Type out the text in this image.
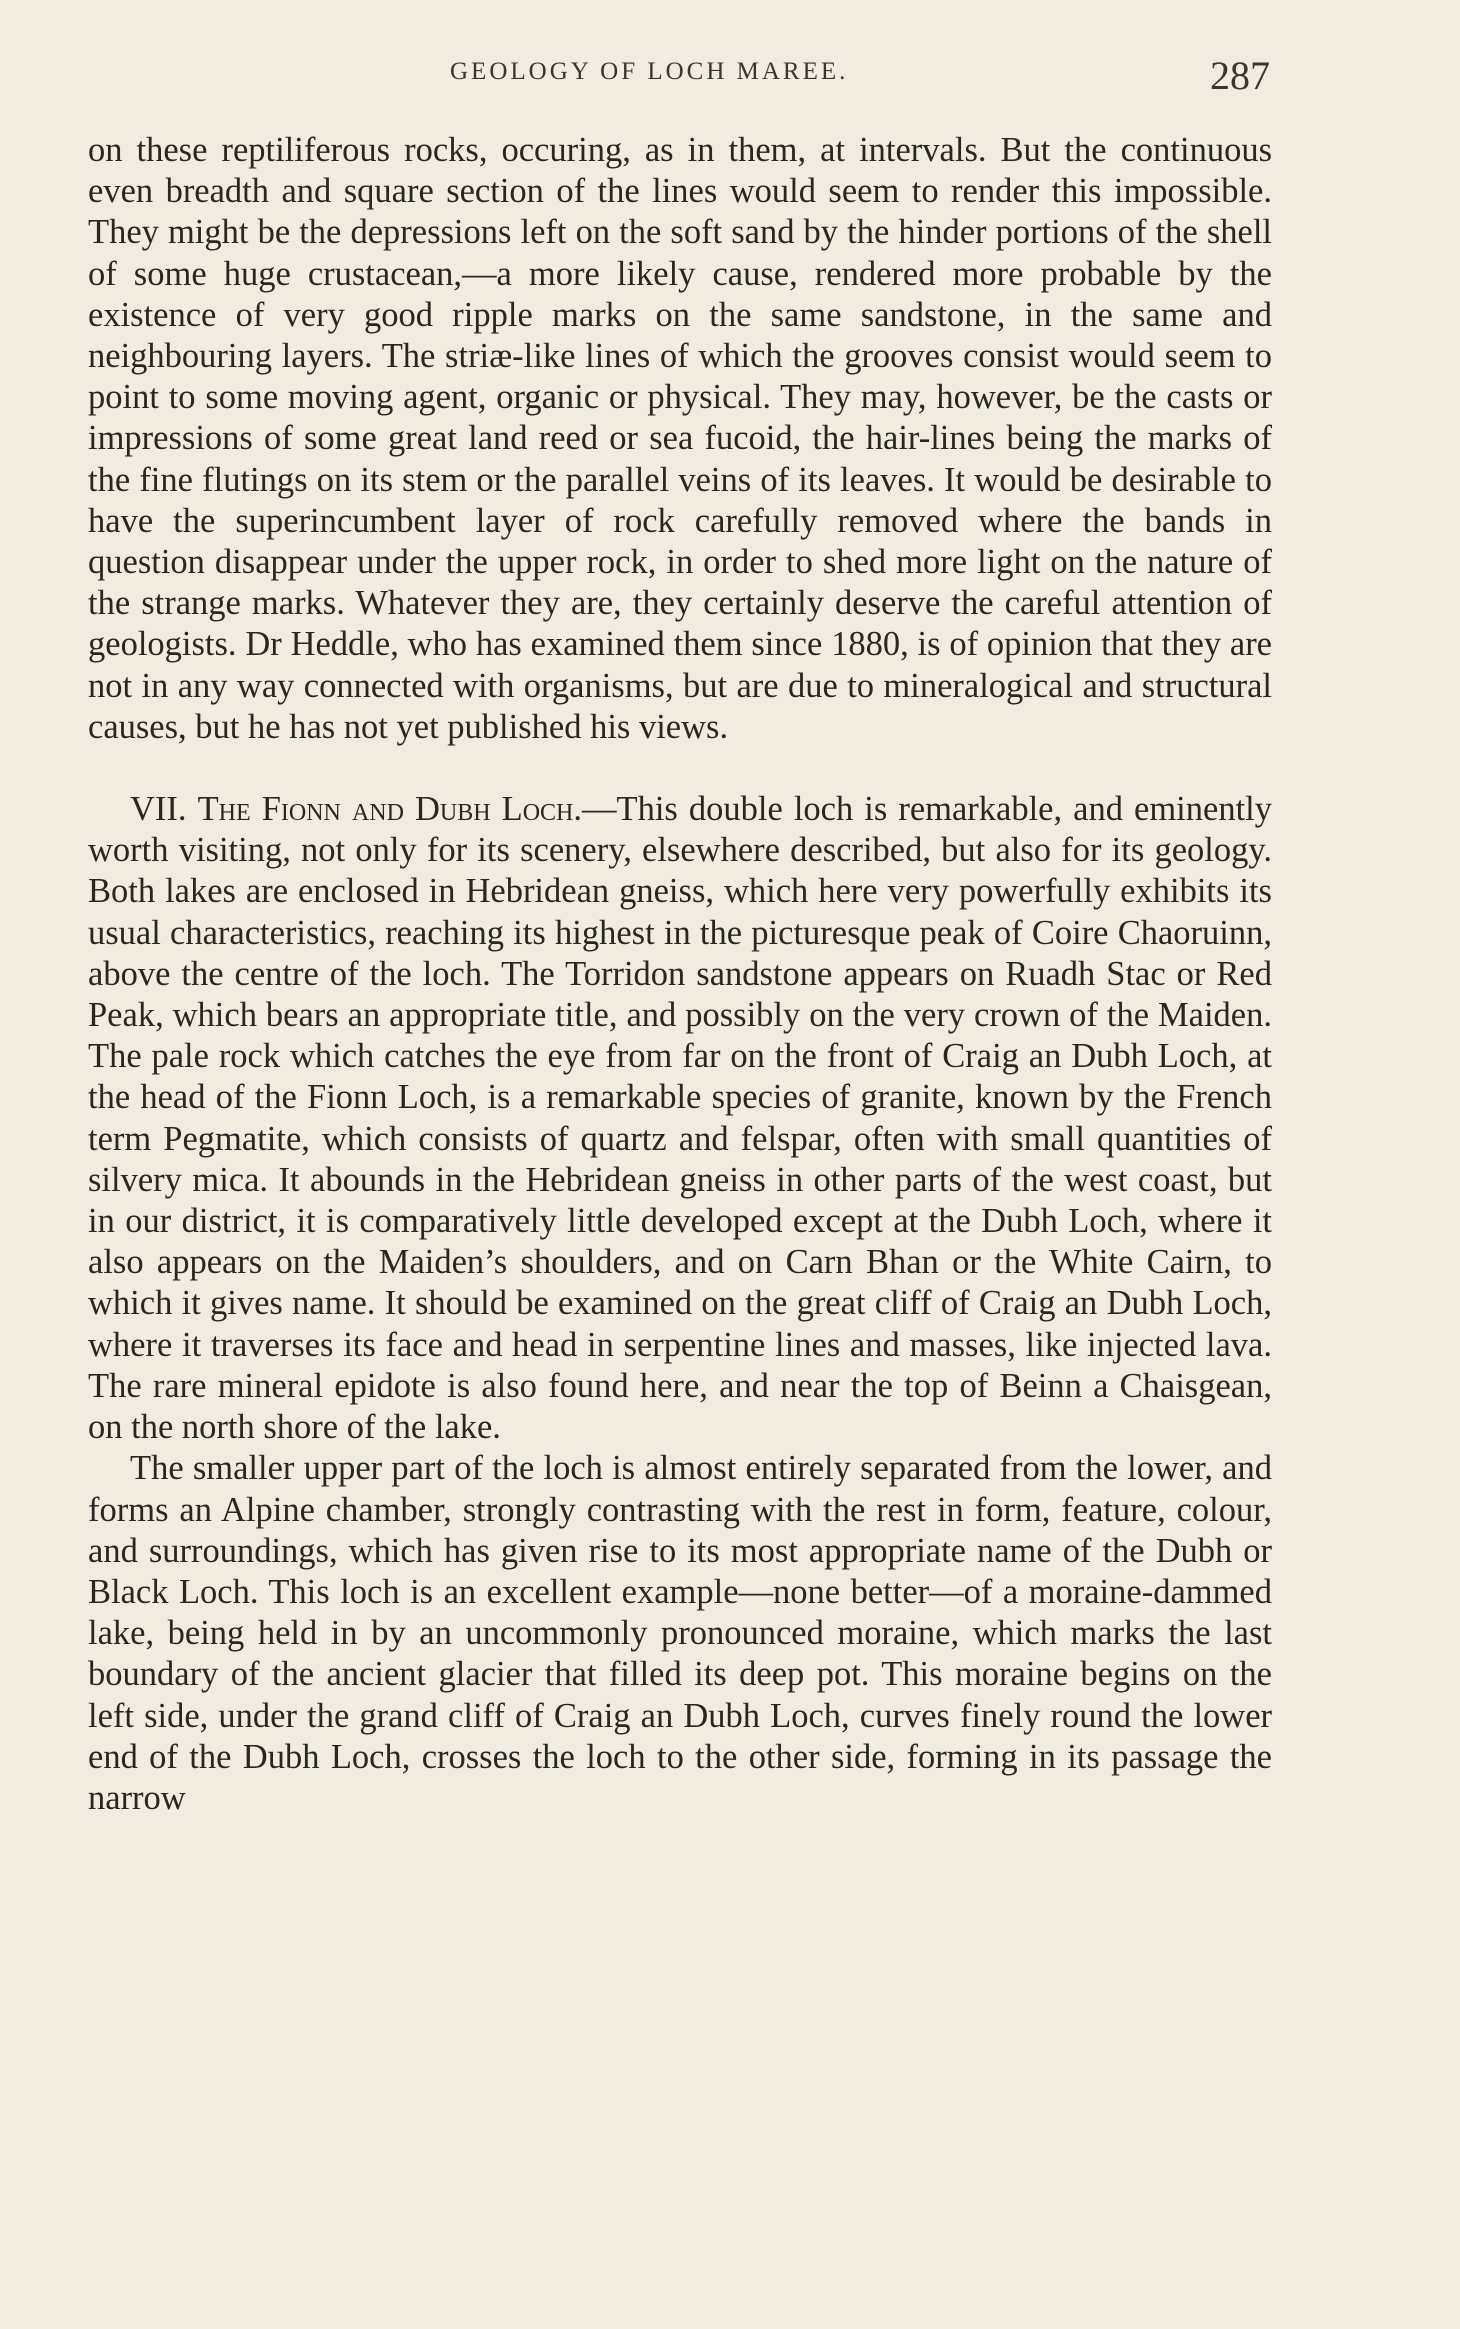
GEOLOGY OF LOCH MAREE.	287

on these reptiliferous rocks, occuring, as in them, at intervals. But the continuous even breadth and square section of the lines would seem to render this impossible. They might be the depressions left on the soft sand by the hinder portions of the shell of some huge crustacean,—a more likely cause, rendered more probable by the existence of very good ripple marks on the same sandstone, in the same and neighbouring layers. The striæ-like lines of which the grooves consist would seem to point to some moving agent, organic or physical. They may, however, be the casts or impressions of some great land reed or sea fucoid, the hair-lines being the marks of the fine flutings on its stem or the parallel veins of its leaves. It would be desirable to have the superincumbent layer of rock carefully removed where the bands in question disappear under the upper rock, in order to shed more light on the nature of the strange marks. Whatever they are, they certainly deserve the careful attention of geologists. Dr Heddle, who has examined them since 1880, is of opinion that they are not in any way connected with organisms, but are due to mineralogical and structural causes, but he has not yet published his views.

VII. The Fionn and Dubh Loch.—This double loch is remarkable, and eminently worth visiting, not only for its scenery, elsewhere described, but also for its geology. Both lakes are enclosed in Hebridean gneiss, which here very powerfully exhibits its usual characteristics, reaching its highest in the picturesque peak of Coire Chaoruinn, above the centre of the loch. The Torridon sandstone appears on Ruadh Stac or Red Peak, which bears an appropriate title, and possibly on the very crown of the Maiden. The pale rock which catches the eye from far on the front of Craig an Dubh Loch, at the head of the Fionn Loch, is a remarkable species of granite, known by the French term Pegmatite, which consists of quartz and felspar, often with small quantities of silvery mica. It abounds in the Hebridean gneiss in other parts of the west coast, but in our district, it is comparatively little developed except at the Dubh Loch, where it also appears on the Maiden’s shoulders, and on Carn Bhan or the White Cairn, to which it gives name. It should be examined on the great cliff of Craig an Dubh Loch, where it traverses its face and head in serpentine lines and masses, like injected lava. The rare mineral epidote is also found here, and near the top of Beinn a Chaisgean, on the north shore of the lake.

The smaller upper part of the loch is almost entirely separated from the lower, and forms an Alpine chamber, strongly contrasting with the rest in form, feature, colour, and surroundings, which has given rise to its most appropriate name of the Dubh or Black Loch. This loch is an excellent example—none better—of a moraine-dammed lake, being held in by an uncommonly pronounced moraine, which marks the last boundary of the ancient glacier that filled its deep pot. This moraine begins on the left side, under the grand cliff of Craig an Dubh Loch, curves finely round the lower end of the Dubh Loch, crosses the loch to the other side, forming in its passage the narrow
